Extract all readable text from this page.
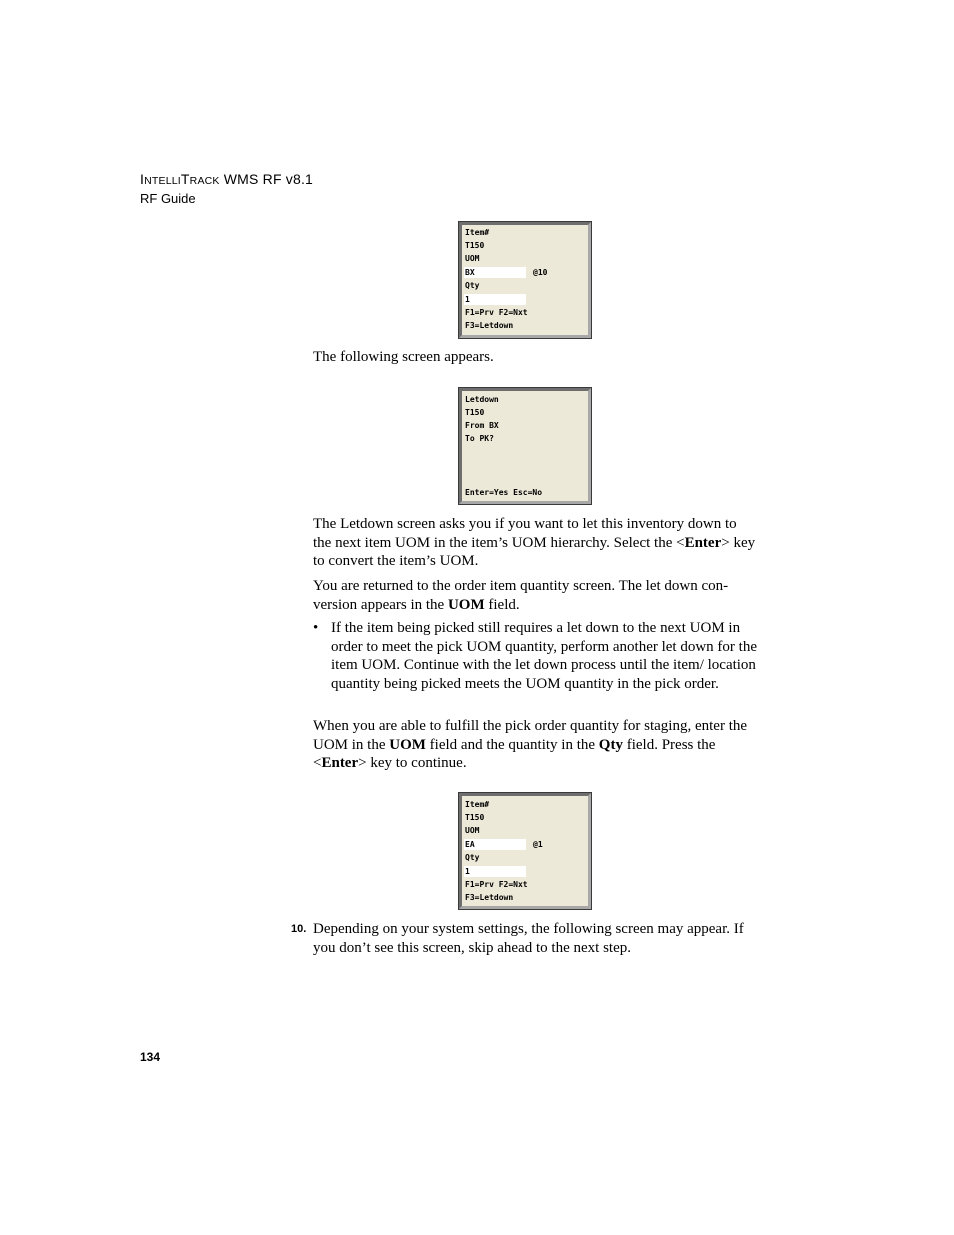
INTELLITRACK WMS RF v8.1
RF Guide
Item#
T150
UOM
BX	@10
Qty
1
F1=Prv F2=Nxt
F3=Letdown

The following screen appears.

Letdown
T150
From BX
To PK?
Enter=Yes Esc=No

The Letdown screen asks you if you want to let this inventory down to the next item UOM in the item’s UOM hierarchy. Select the <Enter> key to convert the item’s UOM.

You are returned to the order item quantity screen. The let down con-version appears in the UOM field.

• If the item being picked still requires a let down to the next UOM in order to meet the pick UOM quantity, perform another let down for the item UOM. Continue with the let down process until the item/ location quantity being picked meets the UOM quantity in the pick order.

When you are able to fulfill the pick order quantity for staging, enter the UOM in the UOM field and the quantity in the Qty field. Press the <Enter> key to continue.

Item#
T150
UOM
EA	@1
Qty
1
F1=Prv F2=Nxt
F3=Letdown
10. Depending on your system settings, the following screen may appear. If you don’t see this screen, skip ahead to the next step.

134
